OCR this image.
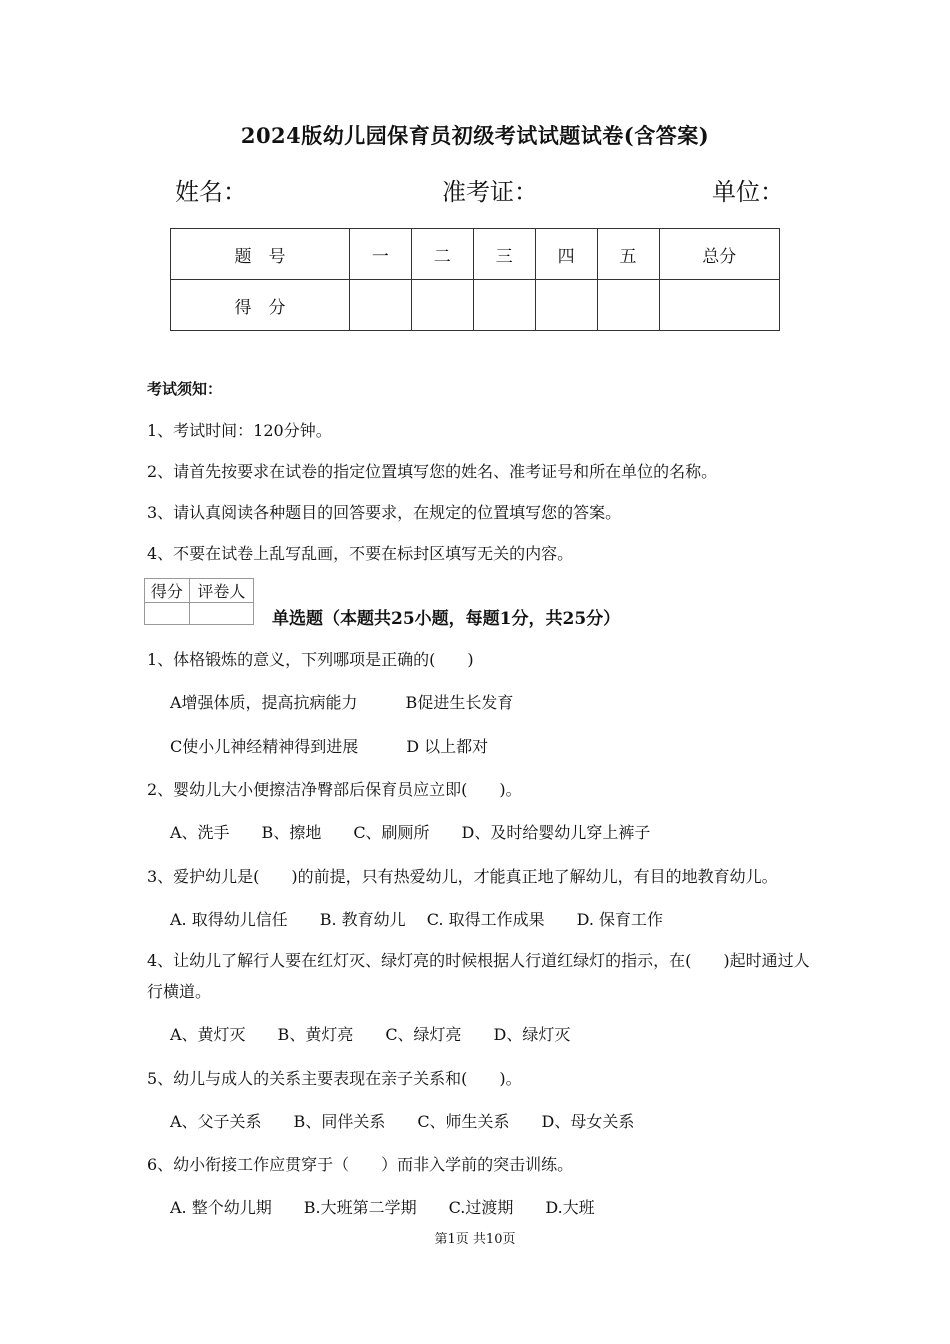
2024版幼儿园保育员初级考试试题试卷(含答案)
姓名：	准考证：	单位：
题　号	一	二	三	四	五	总分
得　分						
考试须知：
1、考试时间：120分钟。
2、请首先按要求在试卷的指定位置填写您的姓名、准考证号和所在单位的名称。
3、请认真阅读各种题目的回答要求，在规定的位置填写您的答案。
4、不要在试卷上乱写乱画，不要在标封区填写无关的内容。
得分	评卷人

单选题（本题共25小题，每题1分，共25分）
1、体格锻炼的意义，下列哪项是正确的(　　)
A增强体质，提高抗病能力　　　B促进生长发育
C使小儿神经精神得到进展　　　D 以上都对
2、婴幼儿大小便擦洁净臀部后保育员应立即(　　)。
A、洗手　　B、擦地　　C、刷厕所　　D、及时给婴幼儿穿上裤子
3、爱护幼儿是(　　)的前提，只有热爱幼儿，才能真正地了解幼儿，有目的地教育幼儿。
A. 取得幼儿信任　　B. 教育幼儿　 C. 取得工作成果　　D. 保育工作
4、让幼儿了解行人要在红灯灭、绿灯亮的时候根据人行道红绿灯的指示，在(　　)起时通过人行横道。
A、黄灯灭　　B、黄灯亮　　C、绿灯亮　　D、绿灯灭
5、幼儿与成人的关系主要表现在亲子关系和(　　)。
A、父子关系　　B、同伴关系　　C、师生关系　　D、母女关系
6、幼小衔接工作应贯穿于（　　）而非入学前的突击训练。
A. 整个幼儿期　　B.大班第二学期　　C.过渡期　　D.大班
第1页 共10页
